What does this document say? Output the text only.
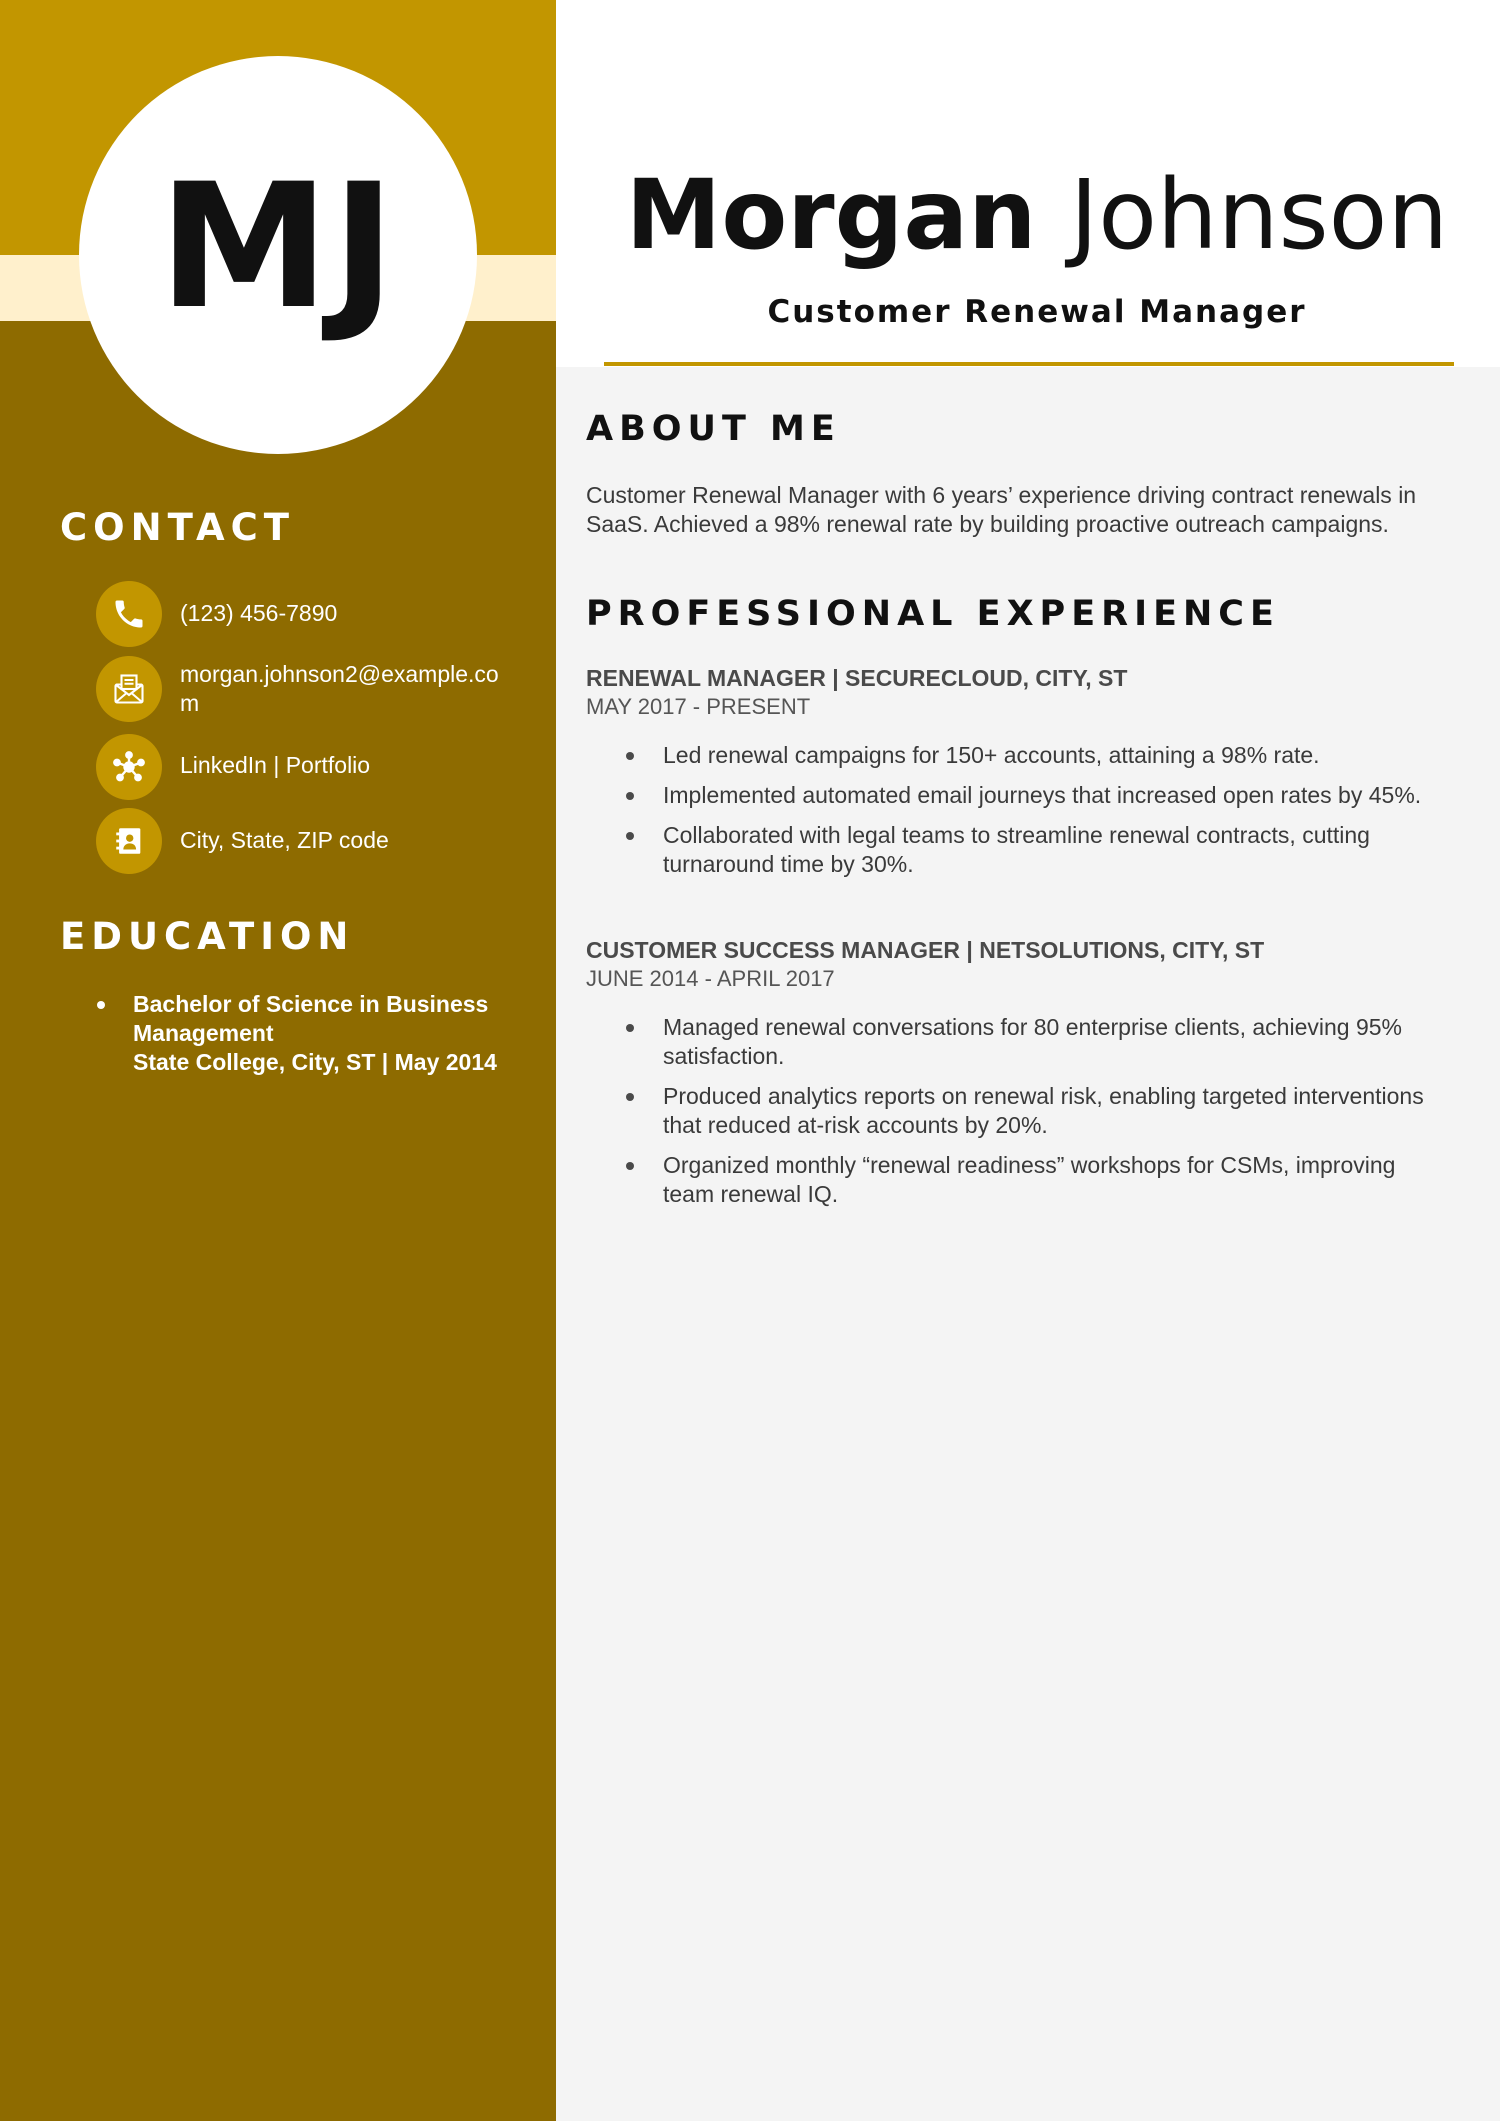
MJ
CONTACT
(123) 456-7890
morgan.johnson2@example.com
LinkedIn | Portfolio
City, State, ZIP code
EDUCATION
Bachelor of Science in Business Management
State College, City, ST | May 2014
Morgan Johnson

Customer Renewal Manager

ABOUT ME

Customer Renewal Manager with 6 years’ experience driving contract renewals in SaaS. Achieved a 98% renewal rate by building proactive outreach campaigns.

PROFESSIONAL EXPERIENCE

RENEWAL MANAGER | SECURECLOUD, CITY, ST

MAY 2017 - PRESENT

Led renewal campaigns for 150+ accounts, attaining a 98% rate.
Implemented automated email journeys that increased open rates by 45%.
Collaborated with legal teams to streamline renewal contracts, cutting turnaround time by 30%.

CUSTOMER SUCCESS MANAGER | NETSOLUTIONS, CITY, ST

JUNE 2014 - APRIL 2017

Managed renewal conversations for 80 enterprise clients, achieving 95% satisfaction.
Produced analytics reports on renewal risk, enabling targeted interventions that reduced at-risk accounts by 20%.
Organized monthly “renewal readiness” workshops for CSMs, improving team renewal IQ.
